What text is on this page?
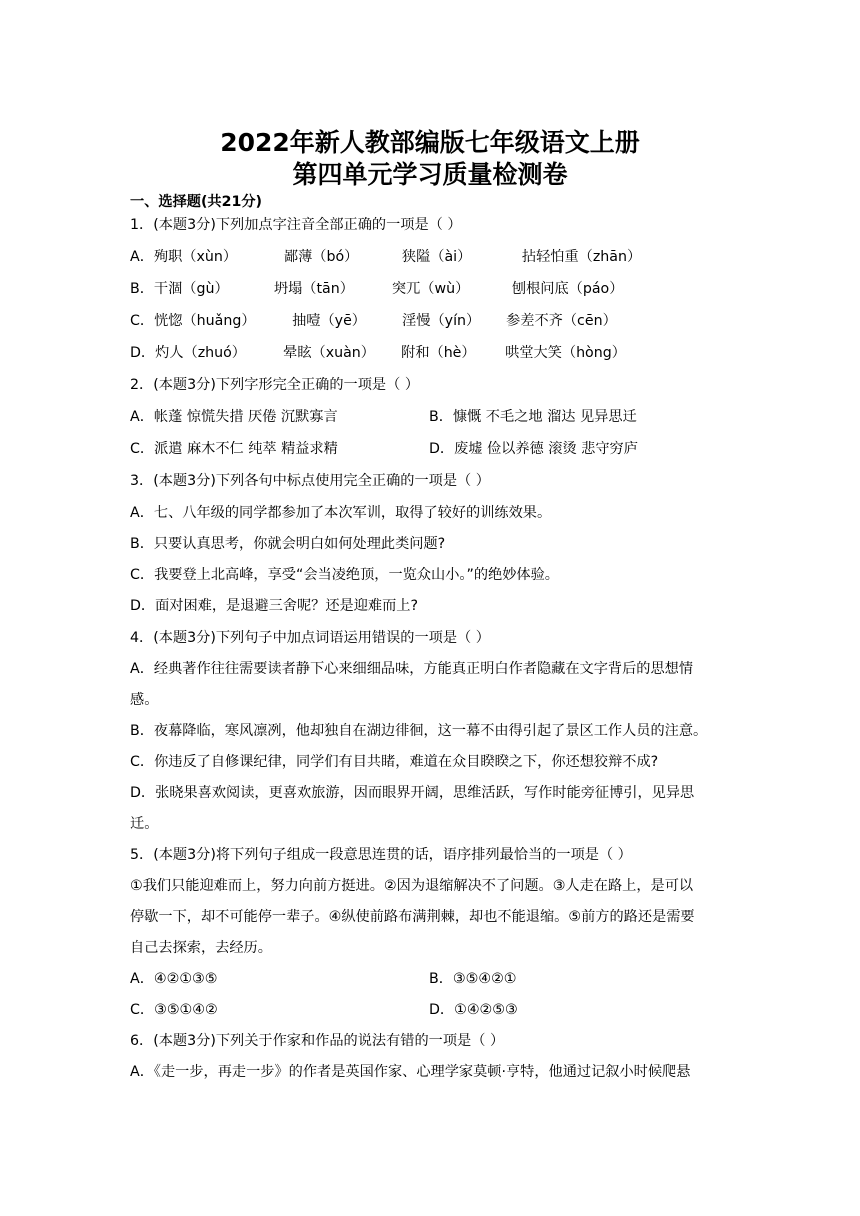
2022年新人教部编版七年级语文上册
第四单元学习质量检测卷
一、选择题(共21分)
1．(本题3分)下列加点字注音全部正确的一项是（ ）
A． 殉职（xùn）	鄙薄（bó）	狭隘（ài）	拈轻怕重（zhān）
B． 干涸（gù）	坍塌（tān）	突兀（wù）	刨根问底（páo）
C． 恍惚（huǎng）	抽噎（yē）	淫慢（yín）	参差不齐（cēn）
D． 灼人（zhuó）	晕眩（xuàn）	附和（hè）	哄堂大笑（hòng）
2．(本题3分)下列字形完全正确的一项是（ ）
A．帐蓬 惊慌失措 厌倦 沉默寡言	B．慷慨 不毛之地 溜达 见异思迁
C．派遣 麻木不仁 纯萃 精益求精	D．废墟 俭以养德 滚烫 悲守穷庐
3．(本题3分)下列各句中标点使用完全正确的一项是（ ）
A．七、八年级的同学都参加了本次军训，取得了较好的训练效果。
B．只要认真思考，你就会明白如何处理此类问题?
C．我要登上北高峰，享受“会当凌绝顶，一览众山小。”的绝妙体验。
D．面对困难，是退避三舍呢？还是迎难而上?
4．(本题3分)下列句子中加点词语运用错误的一项是（ ）
A．经典著作往往需要读者静下心来细细品味，方能真正明白作者隐藏在文字背后的思想情
感。
B．夜幕降临，寒风凛冽，他却独自在湖边徘徊，这一幕不由得引起了景区工作人员的注意。
C．你违反了自修课纪律，同学们有目共睹，难道在众目睽睽之下，你还想狡辩不成?
D．张晓果喜欢阅读，更喜欢旅游，因而眼界开阔，思维活跃，写作时能旁征博引，见异思
迁。
5．(本题3分)将下列句子组成一段意思连贯的话，语序排列最恰当的一项是（ ）
①我们只能迎难而上，努力向前方挺进。②因为退缩解决不了问题。③人走在路上，是可以
停歇一下，却不可能停一辈子。④纵使前路布满荆棘，却也不能退缩。⑤前方的路还是需要
自己去探索，去经历。
A．④②①③⑤	B．③⑤④②①
C．③⑤①④②	D．①④②⑤③
6．(本题3分)下列关于作家和作品的说法有错的一项是（ ）
A．《走一步，再走一步》的作者是英国作家、心理学家莫顿·亨特，他通过记叙小时候爬悬
